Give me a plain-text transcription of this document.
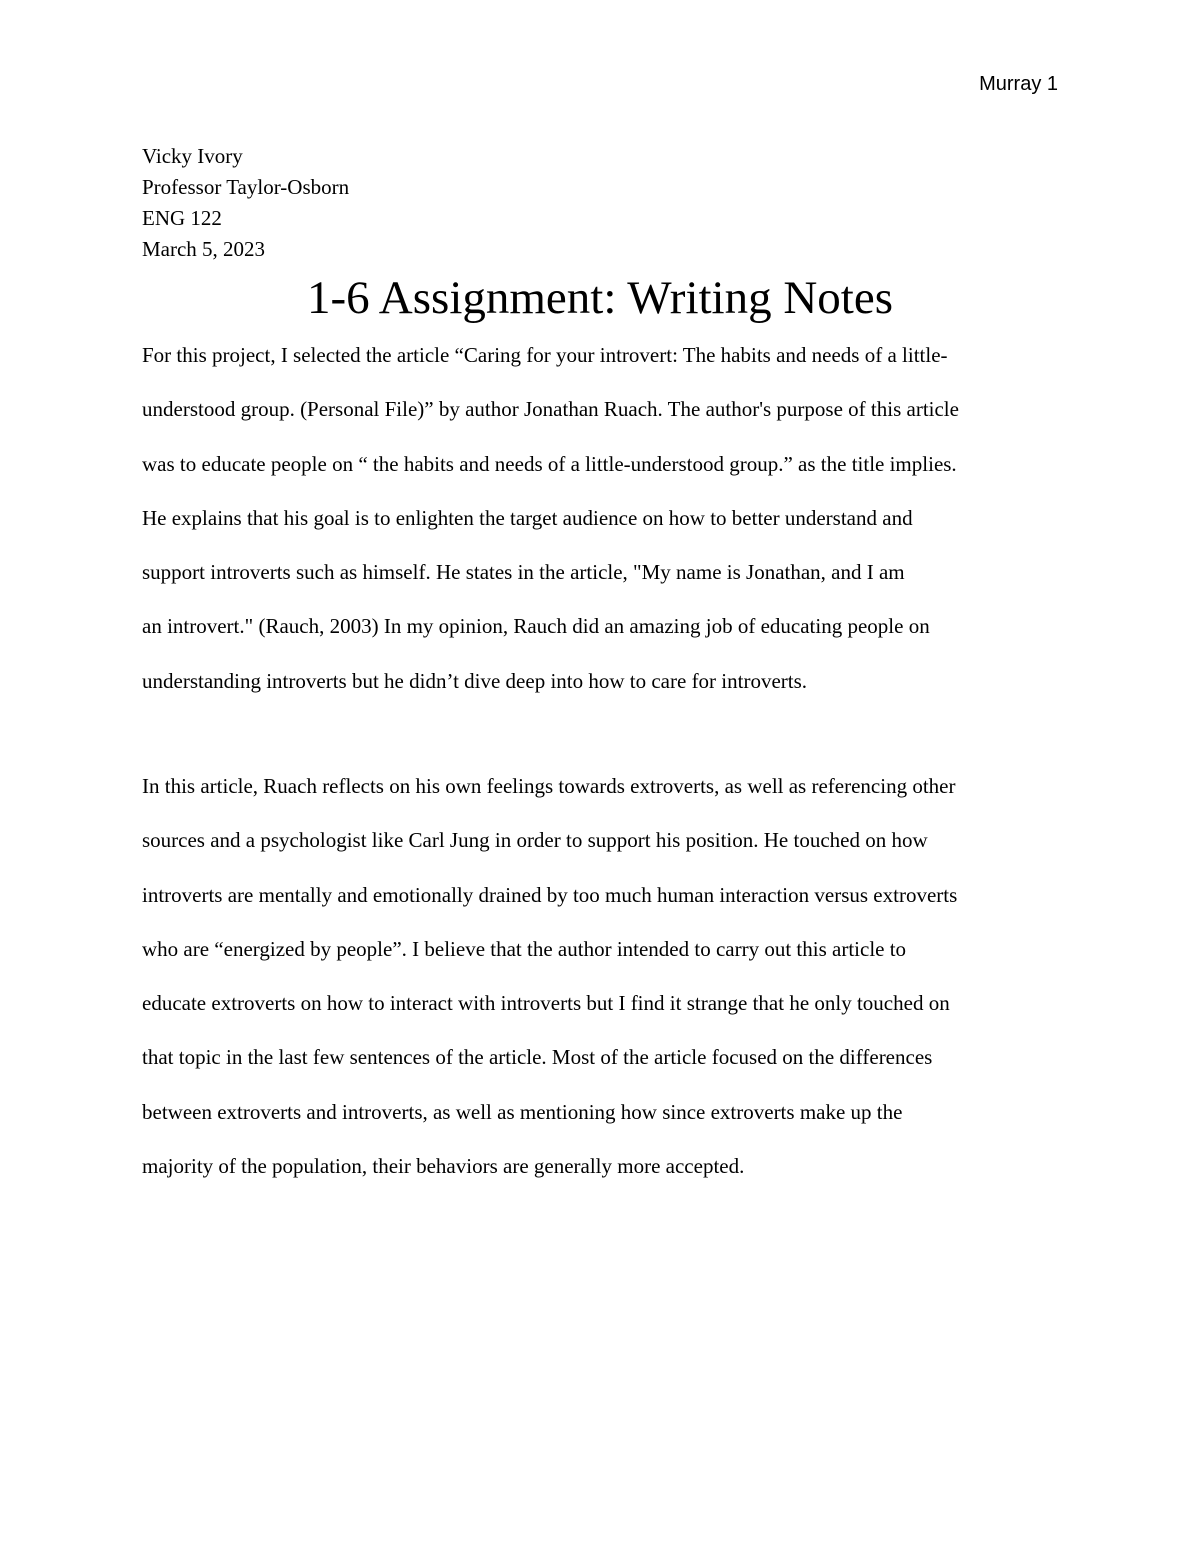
Murray 1
Vicky Ivory
Professor Taylor-Osborn
ENG 122
March 5, 2023
1-6 Assignment: Writing Notes
For this project, I selected the article “Caring for your introvert: The habits and needs of a little-
understood group. (Personal File)” by author Jonathan Ruach. The author's purpose of this article
was to educate people on “ the habits and needs of a little-understood group.” as the title implies.
He explains that his goal is to enlighten the target audience on how to better understand and
support introverts such as himself. He states in the article, "My name is Jonathan, and I am
an introvert." (Rauch, 2003) In my opinion, Rauch did an amazing job of educating people on
understanding introverts but he didn’t dive deep into how to care for introverts.
In this article, Ruach reflects on his own feelings towards extroverts, as well as referencing other
sources and a psychologist like Carl Jung in order to support his position. He touched on how
introverts are mentally and emotionally drained by too much human interaction versus extroverts
who are “energized by people”. I believe that the author intended to carry out this article to
educate extroverts on how to interact with introverts but I find it strange that he only touched on
that topic in the last few sentences of the article. Most of the article focused on the differences
between extroverts and introverts, as well as mentioning how since extroverts make up the
majority of the population, their behaviors are generally more accepted.
